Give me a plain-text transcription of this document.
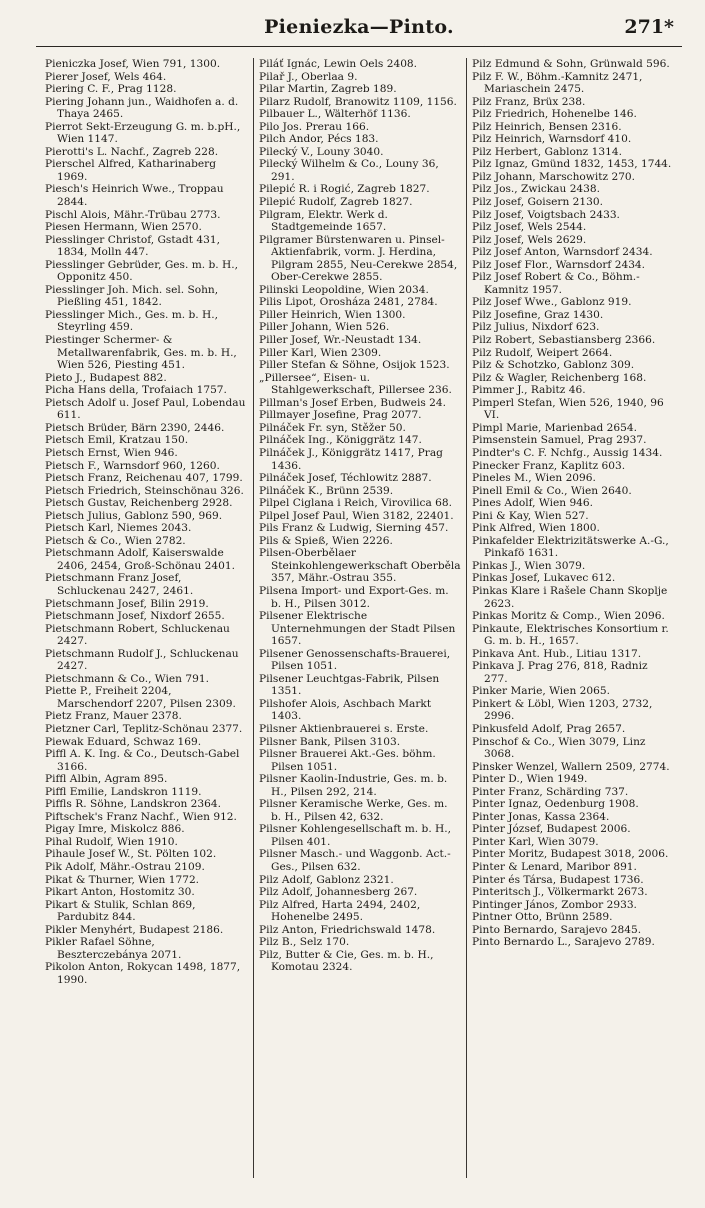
Pieniezka—Pinto.	271*
Pieniczka Josef, Wien 791, 1300.
Pierer Josef, Wels 464.
Piering C. F., Prag 1128.
Piering Johann jun., Waidhofen a. d. Thaya 2465.
Pierrot Sekt-Erzeugung G. m. b.pH., Wien 1147.
Pierotti's L. Nachf., Zagreb 228.
Pierschel Alfred, Katharinaberg 1969.
Piesch's Heinrich Wwe., Troppau 2844.
Pischl Alois, Mähr.-Trübau 2773.
Piesen Hermann, Wien 2570.
Piesslinger Christof, Gstadt 431, 1834, Molln 447.
Piesslinger Gebrüder, Ges. m. b. H., Opponitz 450.
Piesslinger Joh. Mich. sel. Sohn, Pießling 451, 1842.
Piesslinger Mich., Ges. m. b. H., Steyrling 459.
Piestinger Schermer- & Metallwarenfabrik, Ges. m. b. H., Wien 526, Piesting 451.
Pieto J., Budapest 882.
Picha Hans della, Trofaiach 1757.
Pietsch Adolf u. Josef Paul, Lobendau 611.
Pietsch Brüder, Bärn 2390, 2446.
Pietsch Emil, Kratzau 150.
Pietsch Ernst, Wien 946.
Pietsch F., Warnsdorf 960, 1260.
Pietsch Franz, Reichenau 407, 1799.
Pietsch Friedrich, Steinschönau 326.
Pietsch Gustav, Reichenberg 2928.
Pietsch Julius, Gablonz 590, 969.
Pietsch Karl, Niemes 2043.
Pietsch & Co., Wien 2782.
Pietschmann Adolf, Kaiserswalde 2406, 2454, Groß-Schönau 2401.
Pietschmann Franz Josef, Schluckenau 2427, 2461.
Pietschmann Josef, Bilin 2919.
Pietschmann Josef, Nixdorf 2655.
Pietschmann Robert, Schluckenau 2427.
Pietschmann Rudolf J., Schluckenau 2427.
Pietschmann & Co., Wien 791.
Piette P., Freiheit 2204, Marschendorf 2207, Pilsen 2309.
Pietz Franz, Mauer 2378.
Pietzner Carl, Teplitz-Schönau 2377.
Piewak Eduard, Schwaz 169.
Piffl A. K. Ing. & Co., Deutsch-Gabel 3166.
Piffl Albin, Agram 895.
Piffl Emilie, Landskron 1119.
Piffls R. Söhne, Landskron 2364.
Piftschek's Franz Nachf., Wien 912.
Pigay Imre, Miskolcz 886.
Pihal Rudolf, Wien 1910.
Pihaule Josef W., St. Pölten 102.
Pik Adolf, Mähr.-Ostrau 2109.
Pikat & Thurner, Wien 1772.
Pikart Anton, Hostomitz 30.
Pikart & Stulik, Schlan 869, Pardubitz 844.
Pikler Menyhért, Budapest 2186.
Pikler Rafael Söhne, Beszterczebánya 2071.
Pikolon Anton, Rokycan 1498, 1877, 1990.
Piláť Ignác, Lewin Oels 2408.
Pilař J., Oberlaa 9.
Pilar Martin, Zagreb 189.
Pilarz Rudolf, Branowitz 1109, 1156.
Pilbauer L., Wälterhöf 1136.
Pilo Jos. Prerau 166.
Pilch Andor, Pécs 183.
Pilecký V., Louny 3040.
Pilecký Wilhelm & Co., Louny 36, 291.
Pilepić R. i Rogić, Zagreb 1827.
Pilepić Rudolf, Zagreb 1827.
Pilgram, Elektr. Werk d. Stadtgemeinde 1657.
Pilgramer Bürstenwaren u. Pinsel-Aktienfabrik, vorm. J. Herdina, Pilgram 2855, Neu-Cerekwe 2854, Ober-Cerekwe 2855.
Pilinski Leopoldine, Wien 2034.
Pilis Lipot, Orosháza 2481, 2784.
Piller Heinrich, Wien 1300.
Piller Johann, Wien 526.
Piller Josef, Wr.-Neustadt 134.
Piller Karl, Wien 2309.
Piller Stefan & Söhne, Osijok 1523.
„Pillersee“, Eisen- u. Stahlgewerkschaft, Pillersee 236.
Pillman's Josef Erben, Budweis 24.
Pillmayer Josefine, Prag 2077.
Pilnáček Fr. syn, Stěžer 50.
Pilnáček Ing., Königgrätz 147.
Pilnáček J., Königgrätz 1417, Prag 1436.
Pilnáček Josef, Téchlowitz 2887.
Pilnáček K., Brünn 2539.
Pilpel Ciglana i Reich, Virovilica 68.
Pilpel Josef Paul, Wien 3182, 22401.
Pils Franz & Ludwig, Sierning 457.
Pils & Spieß, Wien 2226.
Pilsen-Oberbělaer Steinkohlengewerkschaft Oberběla 357, Mähr.-Ostrau 355.
Pilsena Import- und Export-Ges. m. b. H., Pilsen 3012.
Pilsener Elektrische Unternehmungen der Stadt Pilsen 1657.
Pilsener Genossenschafts-Brauerei, Pilsen 1051.
Pilsener Leuchtgas-Fabrik, Pilsen 1351.
Pilshofer Alois, Aschbach Markt 1403.
Pilsner Aktienbrauerei s. Erste.
Pilsner Bank, Pilsen 3103.
Pilsner Brauerei Akt.-Ges. böhm. Pilsen 1051.
Pilsner Kaolin-Industrie, Ges. m. b. H., Pilsen 292, 214.
Pilsner Keramische Werke, Ges. m. b. H., Pilsen 42, 632.
Pilsner Kohlengesellschaft m. b. H., Pilsen 401.
Pilsner Masch.- und Waggonb. Act.-Ges., Pilsen 632.
Pilz Adolf, Gablonz 2321.
Pilz Adolf, Johannesberg 267.
Pilz Alfred, Harta 2494, 2402, Hohenelbe 2495.
Pilz Anton, Friedrichswald 1478.
Pilz B., Selz 170.
Pilz, Butter & Cie, Ges. m. b. H., Komotau 2324.
Pilz Edmund & Sohn, Grünwald 596.
Pilz F. W., Böhm.-Kamnitz 2471, Mariaschein 2475.
Pilz Franz, Brüx 238.
Pilz Friedrich, Hohenelbe 146.
Pilz Heinrich, Bensen 2316.
Pilz Heinrich, Warnsdorf 410.
Pilz Herbert, Gablonz 1314.
Pilz Ignaz, Gmünd 1832, 1453, 1744.
Pilz Johann, Marschowitz 270.
Pilz Jos., Zwickau 2438.
Pilz Josef, Goisern 2130.
Pilz Josef, Voigtsbach 2433.
Pilz Josef, Wels 2544.
Pilz Josef, Wels 2629.
Pilz Josef Anton, Warnsdorf 2434.
Pilz Josef Flor., Warnsdorf 2434.
Pilz Josef Robert & Co., Böhm.-Kamnitz 1957.
Pilz Josef Wwe., Gablonz 919.
Pilz Josefine, Graz 1430.
Pilz Julius, Nixdorf 623.
Pilz Robert, Sebastiansberg 2366.
Pilz Rudolf, Weipert 2664.
Pilz & Schotzko, Gablonz 309.
Pilz & Wagler, Reichenberg 168.
Pimmer J., Rabitz 46.
Pimperl Stefan, Wien 526, 1940, 96 VI.
Pimpl Marie, Marienbad 2654.
Pimsenstein Samuel, Prag 2937.
Pindter's C. F. Nchfg., Aussig 1434.
Pinecker Franz, Kaplitz 603.
Pineles M., Wien 2096.
Pinell Emil & Co., Wien 2640.
Pines Adolf, Wien 946.
Pini & Kay, Wien 527.
Pink Alfred, Wien 1800.
Pinkafelder Elektrizitätswerke A.-G., Pinkafö 1631.
Pinkas J., Wien 3079.
Pinkas Josef, Lukavec 612.
Pinkas Klare i Rašele Chann Skoplje 2623.
Pinkas Moritz & Comp., Wien 2096.
Pinkaute, Elektrisches Konsortium r. G. m. b. H., 1657.
Pinkava Ant. Hub., Litiau 1317.
Pinkava J. Prag 276, 818, Radniz 277.
Pinker Marie, Wien 2065.
Pinkert & Löbl, Wien 1203, 2732, 2996.
Pinkusfeld Adolf, Prag 2657.
Pinschof & Co., Wien 3079, Linz 3068.
Pinsker Wenzel, Wallern 2509, 2774.
Pinter D., Wien 1949.
Pinter Franz, Schärding 737.
Pinter Ignaz, Oedenburg 1908.
Pinter Jonas, Kassa 2364.
Pinter József, Budapest 2006.
Pinter Karl, Wien 3079.
Pinter Moritz, Budapest 3018, 2006.
Pinter & Lenard, Maribor 891.
Pinter és Társa, Budapest 1736.
Pinteritsch J., Völkermarkt 2673.
Pintinger János, Zombor 2933.
Pintner Otto, Brünn 2589.
Pinto Bernardo, Sarajevo 2845.
Pinto Bernardo L., Sarajevo 2789.
